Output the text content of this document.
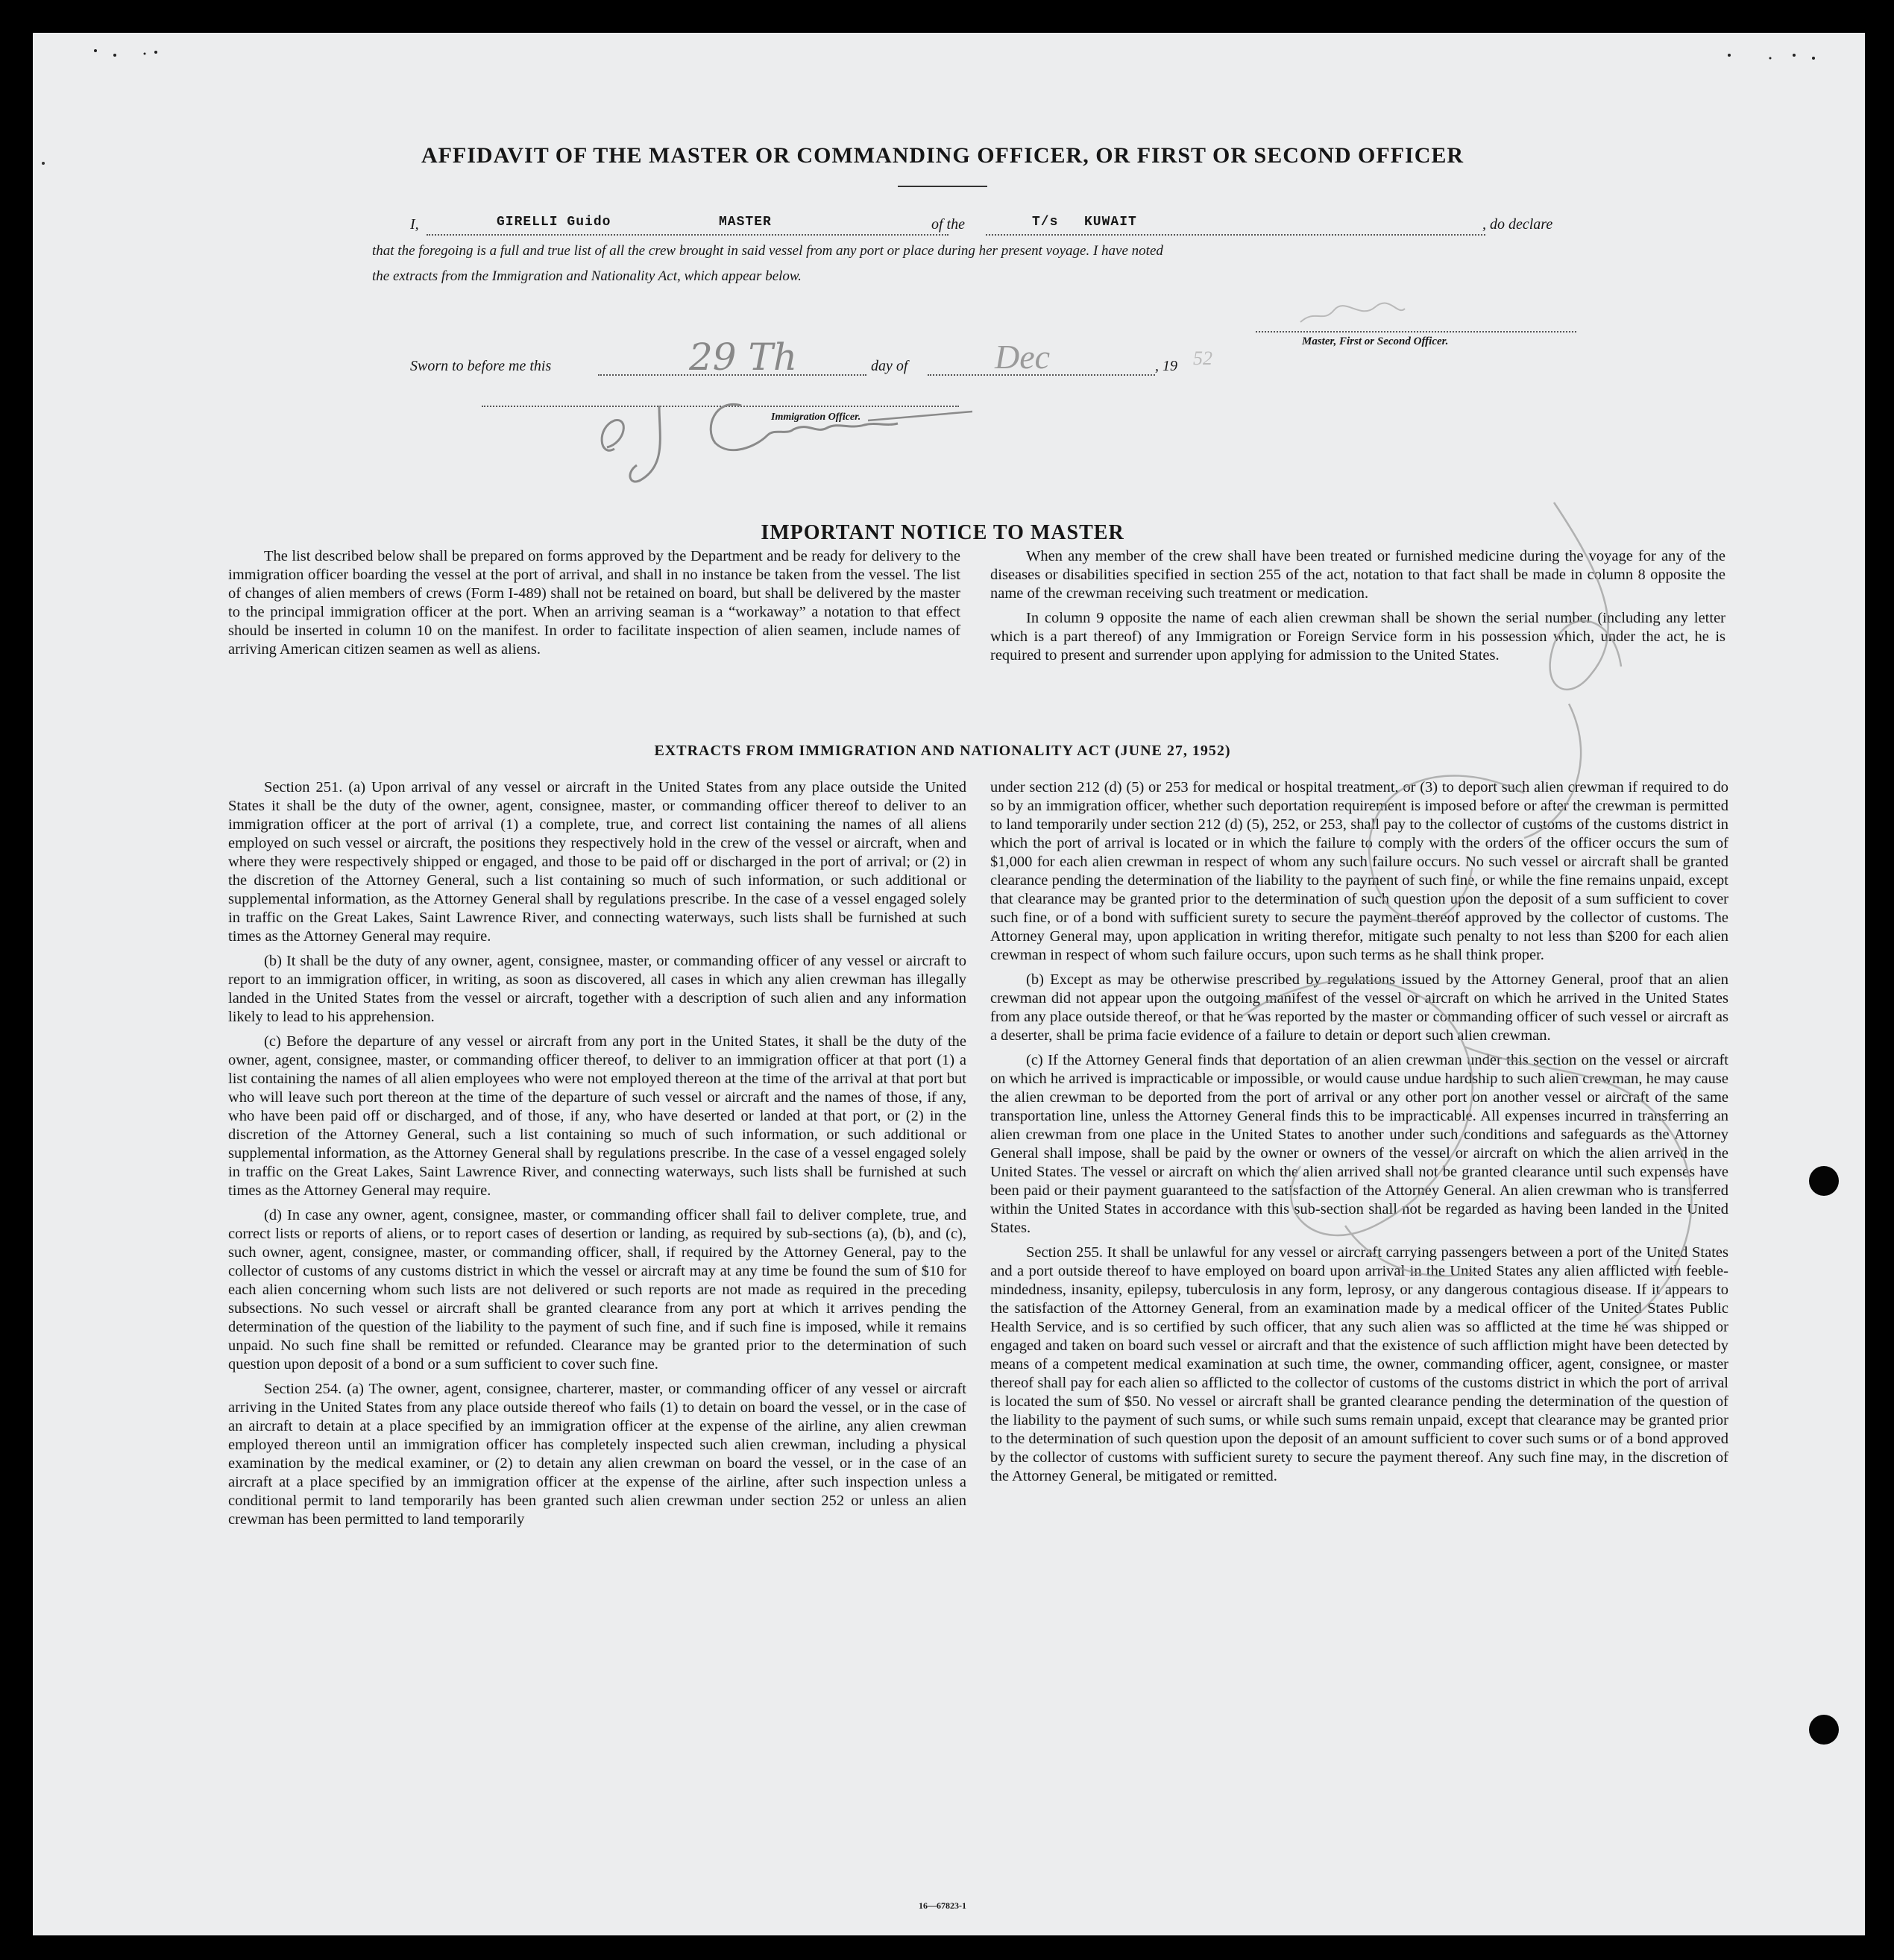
AFFIDAVIT OF THE MASTER OR COMMANDING OFFICER, OR FIRST OR SECOND OFFICER
I,	GIRELLI Guido	MASTER	of the	T/s KUWAIT	, do declare
that the foregoing is a full and true list of all the crew brought in said vessel from any port or place during her present voyage. I have noted
the extracts from the Immigration and Nationality Act, which appear below.
Master, First or Second Officer.
Sworn to before me this	29 Th	day of	Dec	, 19 52
Immigration Officer.
IMPORTANT NOTICE TO MASTER

The list described below shall be prepared on forms approved by the Department and be ready for delivery to the immigration officer boarding the vessel at the port of arrival, and shall in no instance be taken from the vessel. The list of changes of alien members of crews (Form I-489) shall not be retained on board, but shall be delivered by the master to the principal immigration officer at the port. When an arriving seaman is a “workaway” a notation to that effect should be inserted in column 10 on the manifest. In order to facilitate inspection of alien seamen, include names of arriving American citizen seamen as well as aliens.

When any member of the crew shall have been treated or furnished medicine during the voyage for any of the diseases or disabilities specified in section 255 of the act, notation to that fact shall be made in column 8 opposite the name of the crewman receiving such treatment or medication.

In column 9 opposite the name of each alien crewman shall be shown the serial number (including any letter which is a part thereof) of any Immigration or Foreign Service form in his possession which, under the act, he is required to present and surrender upon applying for admission to the United States.

EXTRACTS FROM IMMIGRATION AND NATIONALITY ACT (JUNE 27, 1952)

Section 251. (a) Upon arrival of any vessel or aircraft in the United States from any place outside the United States it shall be the duty of the owner, agent, consignee, master, or commanding officer thereof to deliver to an immigration officer at the port of arrival (1) a complete, true, and correct list containing the names of all aliens employed on such vessel or aircraft, the positions they respectively hold in the crew of the vessel or aircraft, when and where they were respectively shipped or engaged, and those to be paid off or discharged in the port of arrival; or (2) in the discretion of the Attorney General, such a list containing so much of such information, or such additional or supplemental information, as the Attorney General shall by regulations prescribe. In the case of a vessel engaged solely in traffic on the Great Lakes, Saint Lawrence River, and connecting waterways, such lists shall be furnished at such times as the Attorney General may require.

(b) It shall be the duty of any owner, agent, consignee, master, or commanding officer of any vessel or aircraft to report to an immigration officer, in writing, as soon as discovered, all cases in which any alien crewman has illegally landed in the United States from the vessel or aircraft, together with a description of such alien and any information likely to lead to his apprehension.

(c) Before the departure of any vessel or aircraft from any port in the United States, it shall be the duty of the owner, agent, consignee, master, or commanding officer thereof, to deliver to an immigration officer at that port (1) a list containing the names of all alien employees who were not employed thereon at the time of the arrival at that port but who will leave such port thereon at the time of the departure of such vessel or aircraft and the names of those, if any, who have been paid off or discharged, and of those, if any, who have deserted or landed at that port, or (2) in the discretion of the Attorney General, such a list containing so much of such information, or such additional or supplemental information, as the Attorney General shall by regulations prescribe. In the case of a vessel engaged solely in traffic on the Great Lakes, Saint Lawrence River, and connecting waterways, such lists shall be furnished at such times as the Attorney General may require.

(d) In case any owner, agent, consignee, master, or commanding officer shall fail to deliver complete, true, and correct lists or reports of aliens, or to report cases of desertion or landing, as required by sub-sections (a), (b), and (c), such owner, agent, consignee, master, or commanding officer, shall, if required by the Attorney General, pay to the collector of customs of any customs district in which the vessel or aircraft may at any time be found the sum of $10 for each alien concerning whom such lists are not delivered or such reports are not made as required in the preceding subsections. No such vessel or aircraft shall be granted clearance from any port at which it arrives pending the determination of the question of the liability to the payment of such fine, and if such fine is imposed, while it remains unpaid. No such fine shall be remitted or refunded. Clearance may be granted prior to the determination of such question upon deposit of a bond or a sum sufficient to cover such fine.

Section 254. (a) The owner, agent, consignee, charterer, master, or commanding officer of any vessel or aircraft arriving in the United States from any place outside thereof who fails (1) to detain on board the vessel, or in the case of an aircraft to detain at a place specified by an immigration officer at the expense of the airline, any alien crewman employed thereon until an immigration officer has completely inspected such alien crewman, including a physical examination by the medical examiner, or (2) to detain any alien crewman on board the vessel, or in the case of an aircraft at a place specified by an immigration officer at the expense of the airline, after such inspection unless a conditional permit to land temporarily has been granted such alien crewman under section 252 or unless an alien crewman has been permitted to land temporarily

under section 212 (d) (5) or 253 for medical or hospital treatment, or (3) to deport such alien crewman if required to do so by an immigration officer, whether such deportation requirement is imposed before or after the crewman is permitted to land temporarily under section 212 (d) (5), 252, or 253, shall pay to the collector of customs of the customs district in which the port of arrival is located or in which the failure to comply with the orders of the officer occurs the sum of $1,000 for each alien crewman in respect of whom any such failure occurs. No such vessel or aircraft shall be granted clearance pending the determination of the liability to the payment of such fine, or while the fine remains unpaid, except that clearance may be granted prior to the determination of such question upon the deposit of a sum sufficient to cover such fine, or of a bond with sufficient surety to secure the payment thereof approved by the collector of customs. The Attorney General may, upon application in writing therefor, mitigate such penalty to not less than $200 for each alien crewman in respect of whom such failure occurs, upon such terms as he shall think proper.

(b) Except as may be otherwise prescribed by regulations issued by the Attorney General, proof that an alien crewman did not appear upon the outgoing manifest of the vessel or aircraft on which he arrived in the United States from any place outside thereof, or that he was reported by the master or commanding officer of such vessel or aircraft as a deserter, shall be prima facie evidence of a failure to detain or deport such alien crewman.

(c) If the Attorney General finds that deportation of an alien crewman under this section on the vessel or aircraft on which he arrived is impracticable or impossible, or would cause undue hardship to such alien crewman, he may cause the alien crewman to be deported from the port of arrival or any other port on another vessel or aircraft of the same transportation line, unless the Attorney General finds this to be impracticable. All expenses incurred in transferring an alien crewman from one place in the United States to another under such conditions and safeguards as the Attorney General shall impose, shall be paid by the owner or owners of the vessel or aircraft on which the alien arrived in the United States. The vessel or aircraft on which the alien arrived shall not be granted clearance until such expenses have been paid or their payment guaranteed to the satisfaction of the Attorney General. An alien crewman who is transferred within the United States in accordance with this sub-section shall not be regarded as having been landed in the United States.

Section 255. It shall be unlawful for any vessel or aircraft carrying passengers between a port of the United States and a port outside thereof to have employed on board upon arrival in the United States any alien afflicted with feeble-mindedness, insanity, epilepsy, tuberculosis in any form, leprosy, or any dangerous contagious disease. If it appears to the satisfaction of the Attorney General, from an examination made by a medical officer of the United States Public Health Service, and is so certified by such officer, that any such alien was so afflicted at the time he was shipped or engaged and taken on board such vessel or aircraft and that the existence of such affliction might have been detected by means of a competent medical examination at such time, the owner, commanding officer, agent, consignee, or master thereof shall pay for each alien so afflicted to the collector of customs of the customs district in which the port of arrival is located the sum of $50. No vessel or aircraft shall be granted clearance pending the determination of the question of the liability to the payment of such sums, or while such sums remain unpaid, except that clearance may be granted prior to the determination of such question upon the deposit of an amount sufficient to cover such sums or of a bond approved by the collector of customs with sufficient surety to secure the payment thereof. Any such fine may, in the discretion of the Attorney General, be mitigated or remitted.

16—67823-1
